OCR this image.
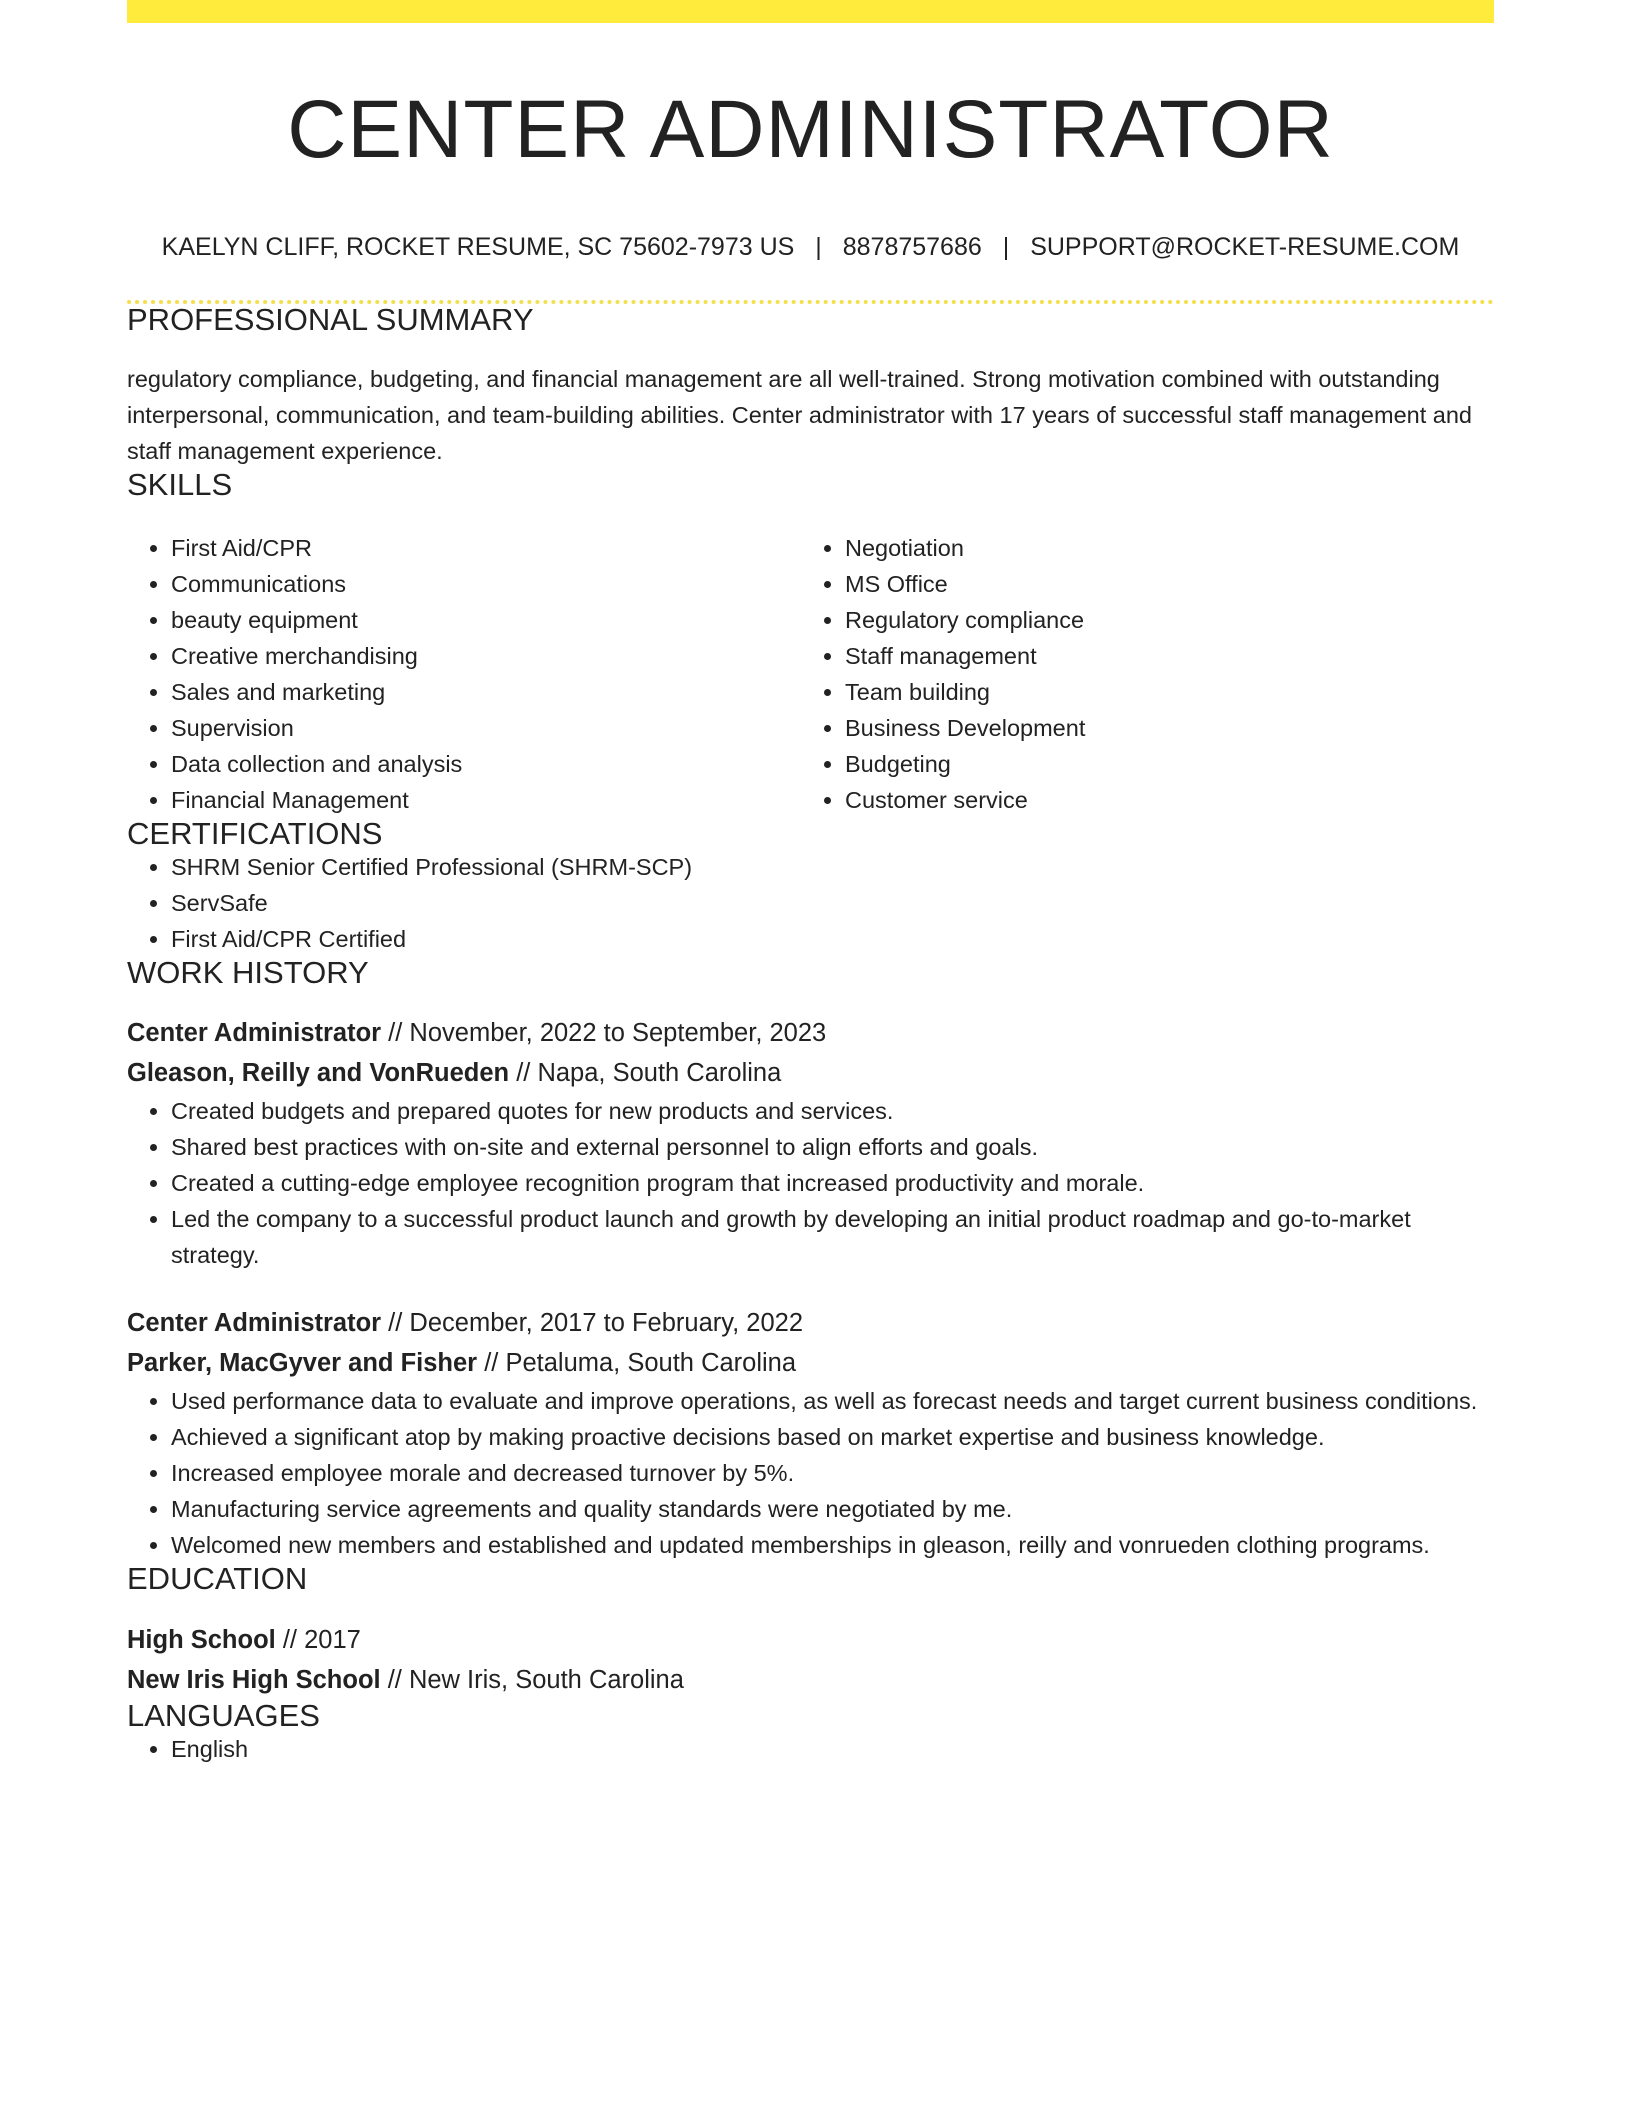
CENTER ADMINISTRATOR
KAELYN CLIFF, ROCKET RESUME, SC 75602-7973 US | 8878757686 | SUPPORT@ROCKET-RESUME.COM
PROFESSIONAL SUMMARY
regulatory compliance, budgeting, and financial management are all well-trained. Strong motivation combined with outstanding interpersonal, communication, and team-building abilities. Center administrator with 17 years of successful staff management and staff management experience.
SKILLS
• First Aid/CPR
• Communications
• beauty equipment
• Creative merchandising
• Sales and marketing
• Supervision
• Data collection and analysis
• Financial Management
• Negotiation
• MS Office
• Regulatory compliance
• Staff management
• Team building
• Business Development
• Budgeting
• Customer service
CERTIFICATIONS
• SHRM Senior Certified Professional (SHRM-SCP)
• ServSafe
• First Aid/CPR Certified
WORK HISTORY
Center Administrator // November, 2022 to September, 2023
Gleason, Reilly and VonRueden // Napa, South Carolina
• Created budgets and prepared quotes for new products and services.
• Shared best practices with on-site and external personnel to align efforts and goals.
• Created a cutting-edge employee recognition program that increased productivity and morale.
• Led the company to a successful product launch and growth by developing an initial product roadmap and go-to-market strategy.
Center Administrator // December, 2017 to February, 2022
Parker, MacGyver and Fisher // Petaluma, South Carolina
• Used performance data to evaluate and improve operations, as well as forecast needs and target current business conditions.
• Achieved a significant atop by making proactive decisions based on market expertise and business knowledge.
• Increased employee morale and decreased turnover by 5%.
• Manufacturing service agreements and quality standards were negotiated by me.
• Welcomed new members and established and updated memberships in gleason, reilly and vonrueden clothing programs.
EDUCATION
High School // 2017
New Iris High School // New Iris, South Carolina
LANGUAGES
• English
